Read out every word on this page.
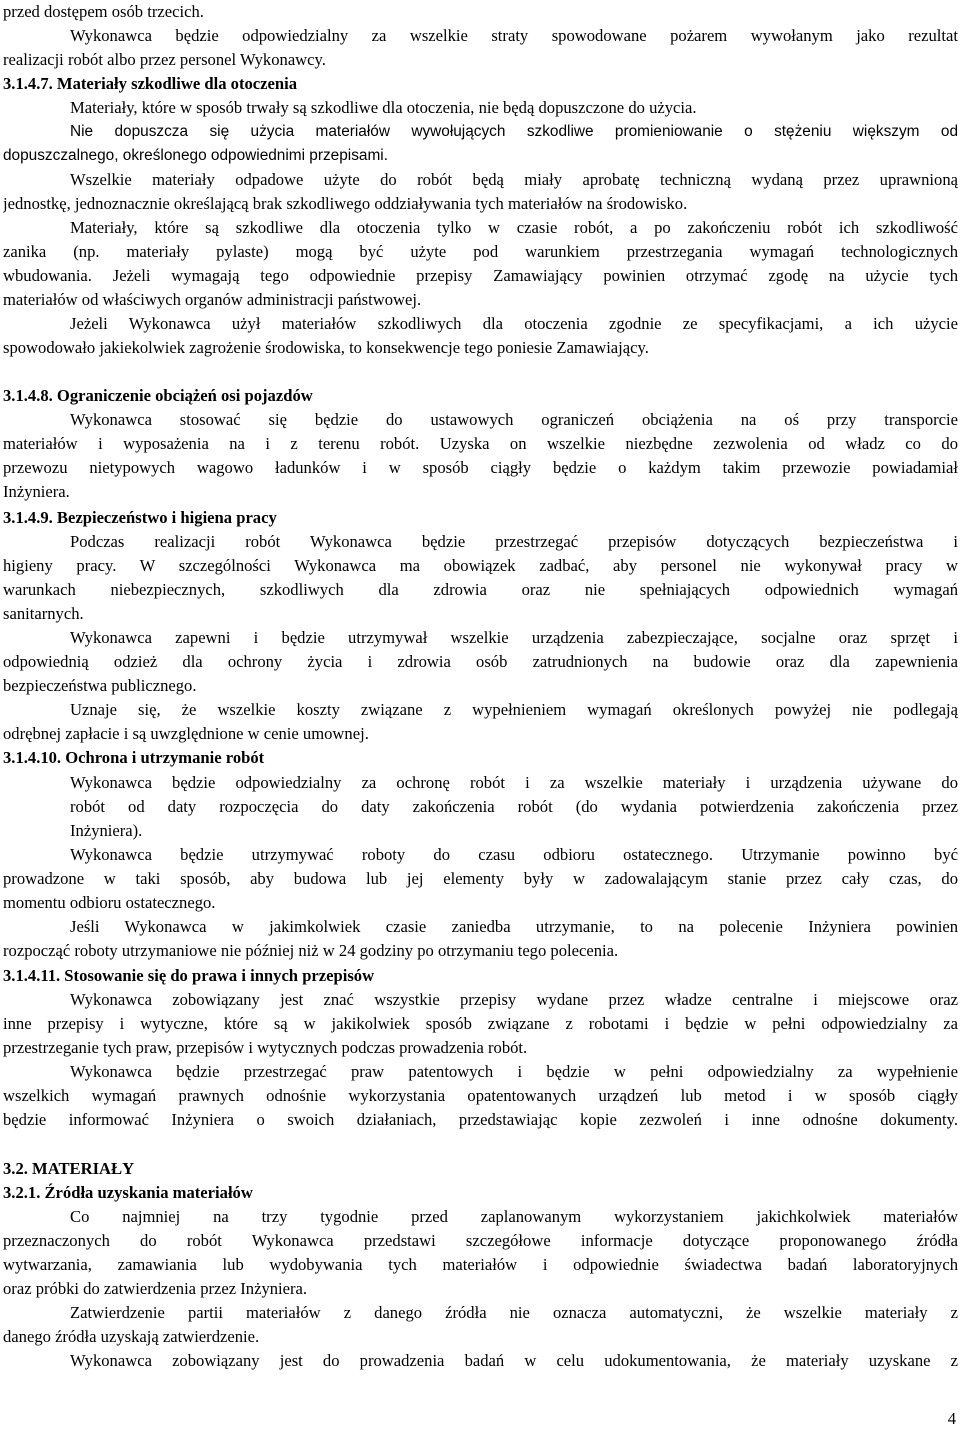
przed dostępem osób trzecich.
Wykonawca będzie odpowiedzialny za wszelkie straty spowodowane pożarem wywołanym jako rezultat
realizacji robót albo przez personel Wykonawcy.
3.1.4.7. Materiały szkodliwe dla otoczenia
Materiały, które w sposób trwały są szkodliwe dla otoczenia, nie będą dopuszczone do użycia.
Nie dopuszcza się użycia materiałów wywołujących szkodliwe promieniowanie o stężeniu większym od
dopuszczalnego, określonego odpowiednimi przepisami.
Wszelkie materiały odpadowe użyte do robót będą miały aprobatę techniczną wydaną przez uprawnioną
jednostkę, jednoznacznie określającą brak szkodliwego oddziaływania tych materiałów na środowisko.
Materiały, które są szkodliwe dla otoczenia tylko w czasie robót, a po zakończeniu robót ich szkodliwość
zanika (np. materiały pylaste) mogą być użyte pod warunkiem przestrzegania wymagań technologicznych
wbudowania. Jeżeli wymagają tego odpowiednie przepisy Zamawiający powinien otrzymać zgodę na użycie tych
materiałów od właściwych organów administracji państwowej.
Jeżeli Wykonawca użył materiałów szkodliwych dla otoczenia zgodnie ze specyfikacjami, a ich użycie
spowodowało jakiekolwiek zagrożenie środowiska, to konsekwencje tego poniesie Zamawiający.
3.1.4.8. Ograniczenie obciążeń osi pojazdów
Wykonawca stosować się będzie do ustawowych ograniczeń obciążenia na oś przy transporcie
materiałów i wyposażenia na i z terenu robót. Uzyska on wszelkie niezbędne zezwolenia od władz co do
przewozu nietypowych wagowo ładunków i w sposób ciągły będzie o każdym takim przewozie powiadamiał
Inżyniera.
3.1.4.9. Bezpieczeństwo i higiena pracy
Podczas realizacji robót Wykonawca będzie przestrzegać przepisów dotyczących bezpieczeństwa i
higieny pracy. W szczególności Wykonawca ma obowiązek zadbać, aby personel nie wykonywał pracy w
warunkach niebezpiecznych, szkodliwych dla zdrowia oraz nie spełniających odpowiednich wymagań
sanitarnych.
Wykonawca zapewni i będzie utrzymywał wszelkie urządzenia zabezpieczające, socjalne oraz sprzęt i
odpowiednią odzież dla ochrony życia i zdrowia osób zatrudnionych na budowie oraz dla zapewnienia
bezpieczeństwa publicznego.
Uznaje się, że wszelkie koszty związane z wypełnieniem wymagań określonych powyżej nie podlegają
odrębnej zapłacie i są uwzględnione w cenie umownej.
3.1.4.10. Ochrona i utrzymanie robót
Wykonawca będzie odpowiedzialny za ochronę robót i za wszelkie materiały i urządzenia używane do
robót od daty rozpoczęcia do daty zakończenia robót (do wydania potwierdzenia zakończenia przez
Inżyniera).
Wykonawca będzie utrzymywać roboty do czasu odbioru ostatecznego. Utrzymanie powinno być
prowadzone w taki sposób, aby budowa lub jej elementy były w zadowalającym stanie przez cały czas, do
momentu odbioru ostatecznego.
Jeśli Wykonawca w jakimkolwiek czasie zaniedba utrzymanie, to na polecenie Inżyniera powinien
rozpocząć roboty utrzymaniowe nie później niż w 24 godziny po otrzymaniu tego polecenia.
3.1.4.11. Stosowanie się do prawa i innych przepisów
Wykonawca zobowiązany jest znać wszystkie przepisy wydane przez władze centralne i miejscowe oraz
inne przepisy i wytyczne, które są w jakikolwiek sposób związane z robotami i będzie w pełni odpowiedzialny za
przestrzeganie tych praw, przepisów i wytycznych podczas prowadzenia robót.
Wykonawca będzie przestrzegać praw patentowych i będzie w pełni odpowiedzialny za wypełnienie
wszelkich wymagań prawnych odnośnie wykorzystania opatentowanych urządzeń lub metod i w sposób ciągły
będzie informować Inżyniera o swoich działaniach, przedstawiając kopie zezwoleń i inne odnośne dokumenty.
3.2. MATERIAŁY
3.2.1. Źródła uzyskania materiałów
Co najmniej na trzy tygodnie przed zaplanowanym wykorzystaniem jakichkolwiek materiałów
przeznaczonych do robót Wykonawca przedstawi szczegółowe informacje dotyczące proponowanego źródła
wytwarzania, zamawiania lub wydobywania tych materiałów i odpowiednie świadectwa badań laboratoryjnych
oraz próbki do zatwierdzenia przez Inżyniera.
Zatwierdzenie partii materiałów z danego źródła nie oznacza automatyczni, że wszelkie materiały z
danego źródła uzyskają zatwierdzenie.
Wykonawca zobowiązany jest do prowadzenia badań w celu udokumentowania, że materiały uzyskane z
4
